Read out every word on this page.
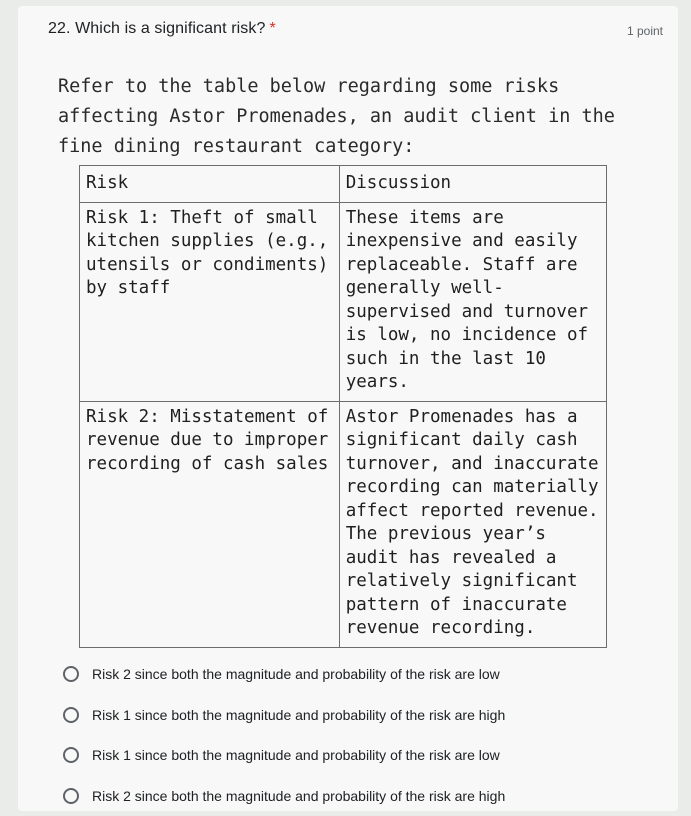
22. Which is a significant risk? *	1 point
Refer to the table below regarding some risks affecting Astor Promenades, an audit client in the fine dining restaurant category:
Risk	Discussion
Risk 1: Theft of small kitchen supplies (e.g., utensils or condiments) by staff	These items are inexpensive and easily replaceable. Staff are generally well-supervised and turnover is low, no incidence of such in the last 10 years.
Risk 2: Misstatement of revenue due to improper recording of cash sales	Astor Promenades has a significant daily cash turnover, and inaccurate recording can materially affect reported revenue. The previous year’s audit has revealed a relatively significant pattern of inaccurate revenue recording.
Risk 2 since both the magnitude and probability of the risk are low
Risk 1 since both the magnitude and probability of the risk are high
Risk 1 since both the magnitude and probability of the risk are low
Risk 2 since both the magnitude and probability of the risk are high
